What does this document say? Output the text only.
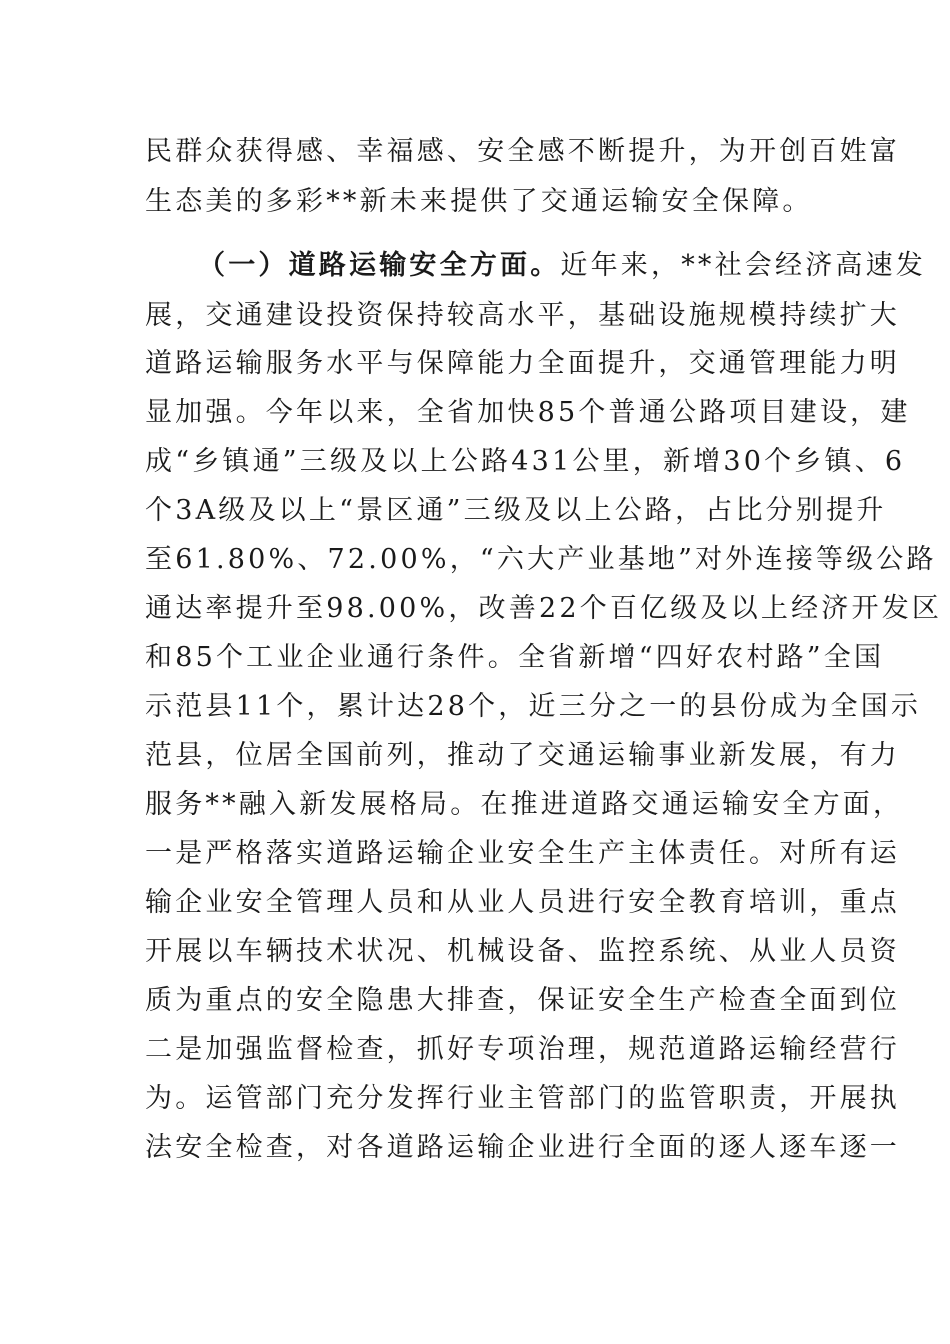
民群众获得感、幸福感、安全感不断提升，为开创百姓富
生态美的多彩**新未来提供了交通运输安全保障。
（一）道路运输安全方面。近年来，**社会经济高速发
展，交通建设投资保持较高水平，基础设施规模持续扩大
道路运输服务水平与保障能力全面提升，交通管理能力明
显加强。今年以来，全省加快85个普通公路项目建设，建
成“乡镇通”三级及以上公路431公里，新增30个乡镇、6
个3A级及以上“景区通”三级及以上公路，占比分别提升
至61.80%、72.00%，“六大产业基地”对外连接等级公路
通达率提升至98.00%，改善22个百亿级及以上经济开发区
和85个工业企业通行条件。全省新增“四好农村路”全国
示范县11个，累计达28个，近三分之一的县份成为全国示
范县，位居全国前列，推动了交通运输事业新发展，有力
服务**融入新发展格局。在推进道路交通运输安全方面，
一是严格落实道路运输企业安全生产主体责任。对所有运
输企业安全管理人员和从业人员进行安全教育培训，重点
开展以车辆技术状况、机械设备、监控系统、从业人员资
质为重点的安全隐患大排查，保证安全生产检查全面到位
二是加强监督检查，抓好专项治理，规范道路运输经营行
为。运管部门充分发挥行业主管部门的监管职责，开展执
法安全检查，对各道路运输企业进行全面的逐人逐车逐一
